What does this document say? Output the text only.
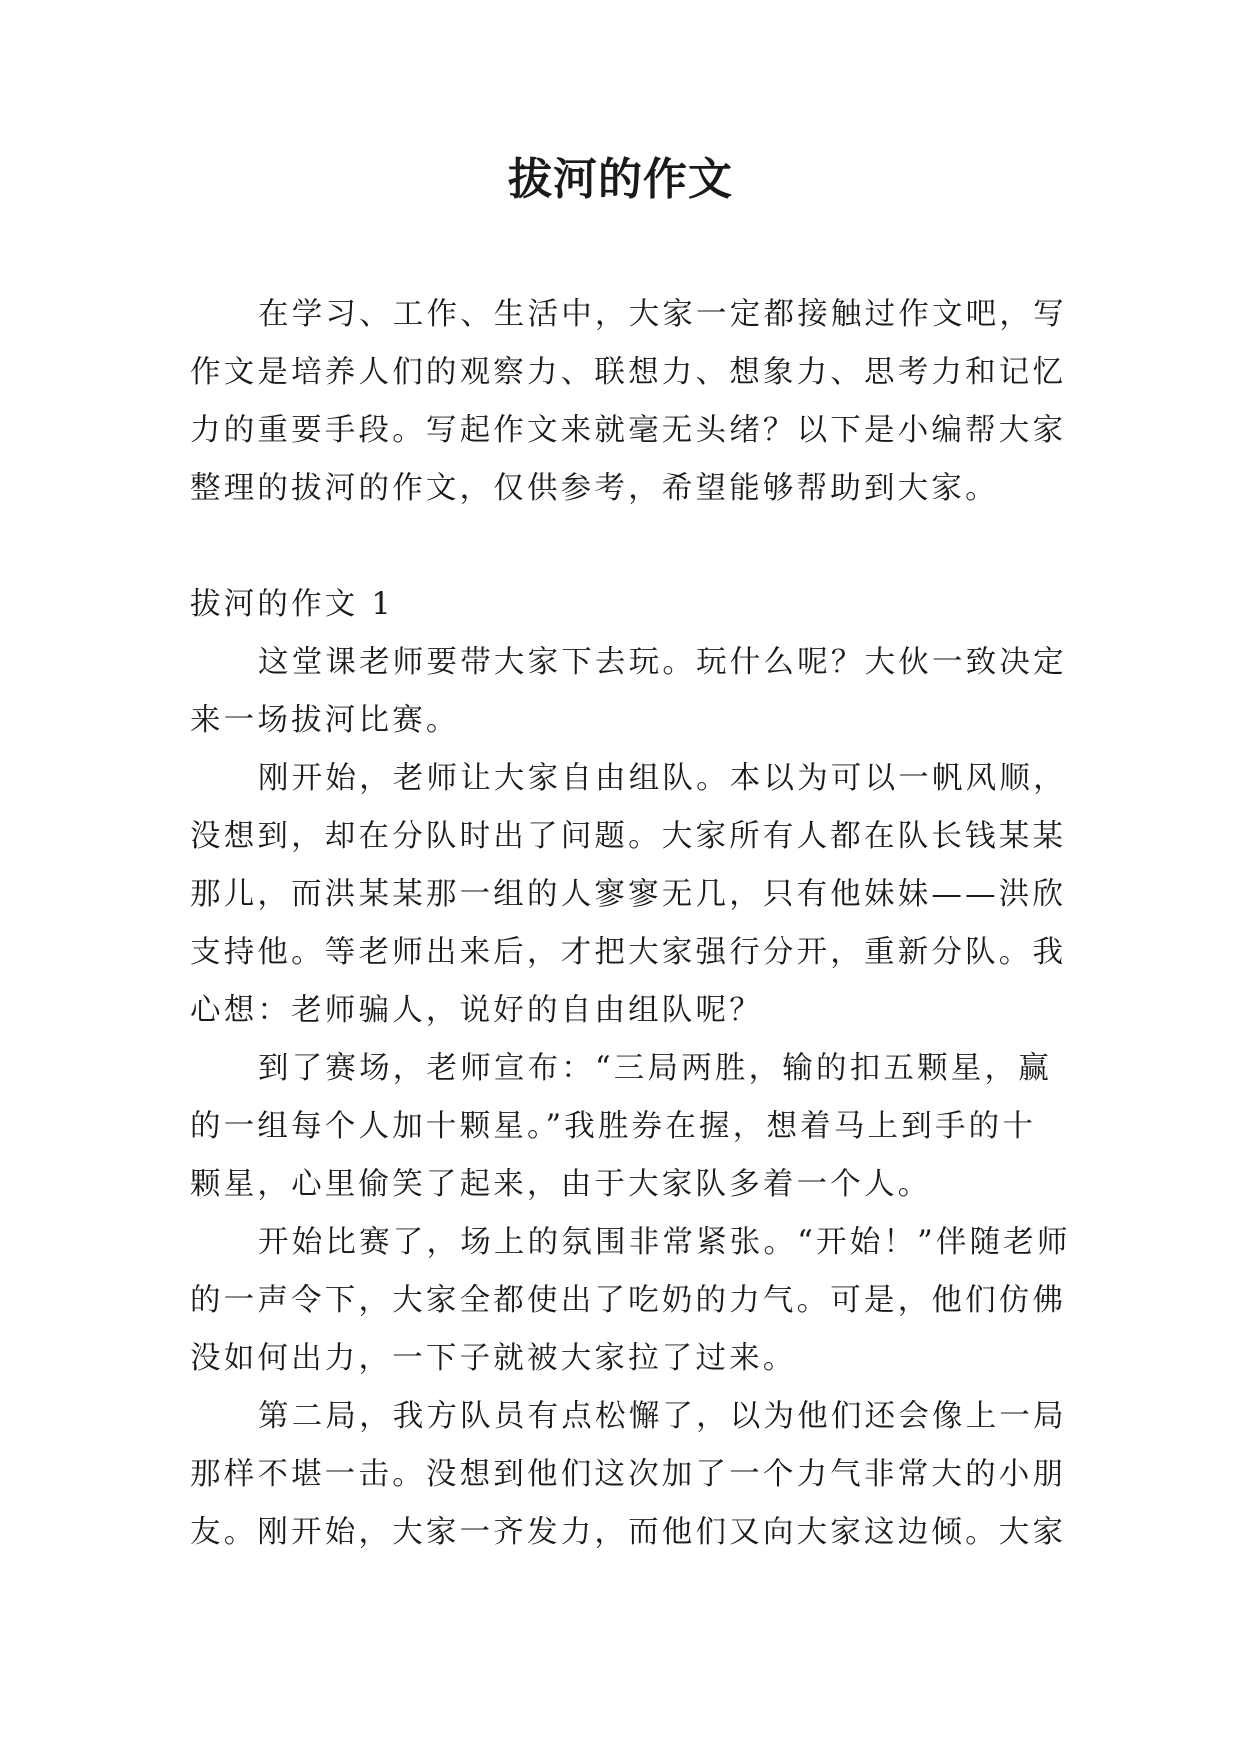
拔河的作文

在学习、工作、生活中，大家一定都接触过作文吧，写

作文是培养人们的观察力、联想力、想象力、思考力和记忆

力的重要手段。写起作文来就毫无头绪？以下是小编帮大家

整理的拔河的作文，仅供参考，希望能够帮助到大家。

拔河的作文 1

这堂课老师要带大家下去玩。玩什么呢？大伙一致决定

来一场拔河比赛。

刚开始，老师让大家自由组队。本以为可以一帆风顺，

没想到，却在分队时出了问题。大家所有人都在队长钱某某

那儿，而洪某某那一组的人寥寥无几，只有他妹妹——洪欣

支持他。等老师出来后，才把大家强行分开，重新分队。我

心想：老师骗人，说好的自由组队呢？

到了赛场，老师宣布：“三局两胜，输的扣五颗星，赢

的一组每个人加十颗星。”我胜券在握，想着马上到手的十

颗星，心里偷笑了起来，由于大家队多着一个人。

开始比赛了，场上的氛围非常紧张。“开始！”伴随老师

的一声令下，大家全都使出了吃奶的力气。可是，他们仿佛

没如何出力，一下子就被大家拉了过来。

第二局，我方队员有点松懈了，以为他们还会像上一局

那样不堪一击。没想到他们这次加了一个力气非常大的小朋

友。刚开始，大家一齐发力，而他们又向大家这边倾。大家
